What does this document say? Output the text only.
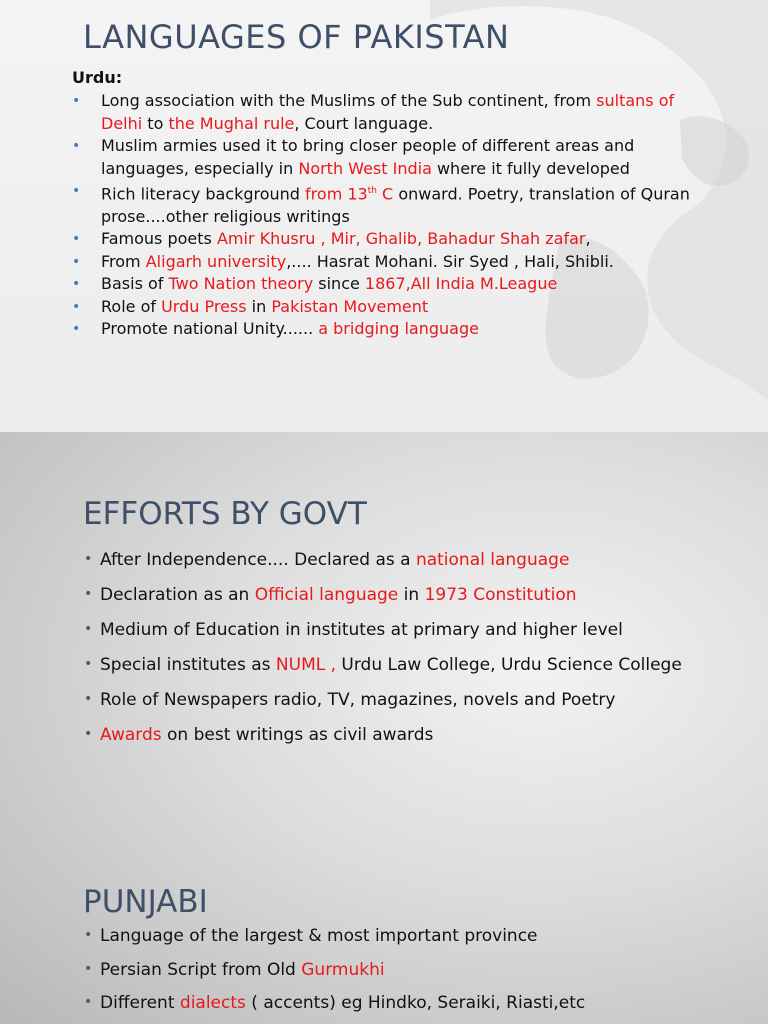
LANGUAGES OF PAKISTAN
Urdu:
• Long association with the Muslims of the Sub continent, from sultans of Delhi to the Mughal rule, Court language.
• Muslim armies used it to bring closer people of different areas and languages, especially in North West India where it fully developed
• Rich literacy background from 13th C onward. Poetry, translation of Quran prose....other religious writings
• Famous poets Amir Khusru , Mir, Ghalib, Bahadur Shah zafar,
• From Aligarh university,.... Hasrat Mohani. Sir Syed , Hali, Shibli.
• Basis of Two Nation theory since 1867,All India M.League
• Role of Urdu Press in Pakistan Movement
• Promote national Unity...... a bridging language
EFFORTS BY GOVT
• After Independence.... Declared as a national language
• Declaration as an Official language in 1973 Constitution
• Medium of Education in institutes at primary and higher level
• Special institutes as NUML , Urdu Law College, Urdu Science College
• Role of Newspapers radio, TV, magazines, novels and Poetry
• Awards on best writings as civil awards
PUNJABI
• Language of the largest & most important province
• Persian Script from Old Gurmukhi
• Different dialects ( accents) eg Hindko, Seraiki, Riasti,etc
